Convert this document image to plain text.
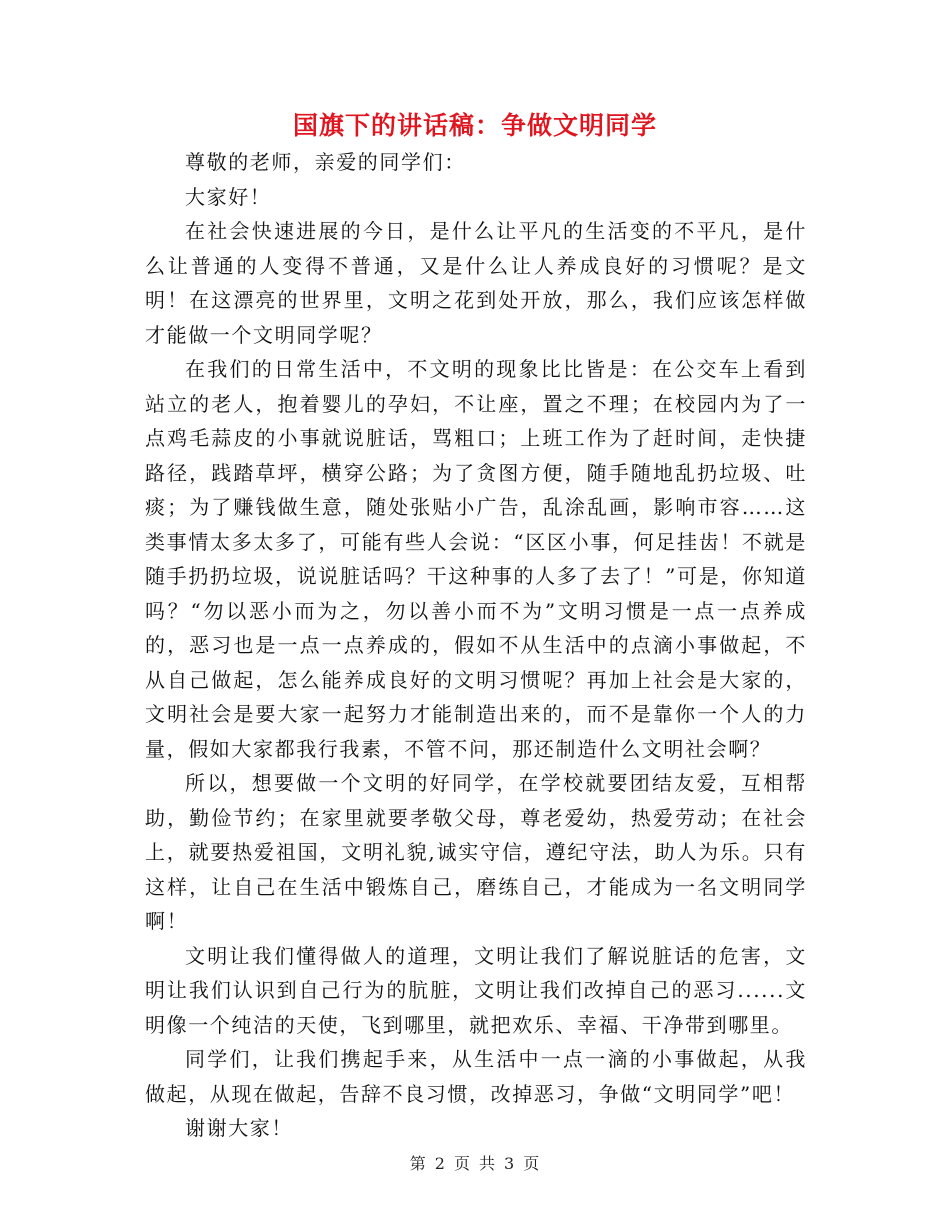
国旗下的讲话稿：争做文明同学

尊敬的老师，亲爱的同学们：

大家好！

在社会快速进展的今日，是什么让平凡的生活变的不平凡，是什么让普通的人变得不普通，又是什么让人养成良好的习惯呢？是文明！在这漂亮的世界里，文明之花到处开放，那么，我们应该怎样做才能做一个文明同学呢？

在我们的日常生活中，不文明的现象比比皆是：在公交车上看到站立的老人，抱着婴儿的孕妇，不让座，置之不理；在校园内为了一点鸡毛蒜皮的小事就说脏话，骂粗口；上班工作为了赶时间，走快捷路径，践踏草坪，横穿公路；为了贪图方便，随手随地乱扔垃圾、吐痰；为了赚钱做生意，随处张贴小广告，乱涂乱画，影响市容……这类事情太多太多了，可能有些人会说：“区区小事，何足挂齿！不就是随手扔扔垃圾，说说脏话吗？干这种事的人多了去了！”可是，你知道吗？“勿以恶小而为之，勿以善小而不为”文明习惯是一点一点养成的，恶习也是一点一点养成的，假如不从生活中的点滴小事做起，不从自己做起，怎么能养成良好的文明习惯呢？再加上社会是大家的，文明社会是要大家一起努力才能制造出来的，而不是靠你一个人的力量，假如大家都我行我素，不管不问，那还制造什么文明社会啊？

所以，想要做一个文明的好同学，在学校就要团结友爱，互相帮助，勤俭节约；在家里就要孝敬父母，尊老爱幼，热爱劳动；在社会上，就要热爱祖国，文明礼貌,诚实守信，遵纪守法，助人为乐。只有这样，让自己在生活中锻炼自己，磨练自己，才能成为一名文明同学啊！

文明让我们懂得做人的道理，文明让我们了解说脏话的危害，文明让我们认识到自己行为的肮脏，文明让我们改掉自己的恶习......文明像一个纯洁的天使，飞到哪里，就把欢乐、幸福、干净带到哪里。

同学们，让我们携起手来，从生活中一点一滴的小事做起，从我做起，从现在做起，告辞不良习惯，改掉恶习，争做“文明同学”吧！

谢谢大家！

第 2 页 共 3 页
